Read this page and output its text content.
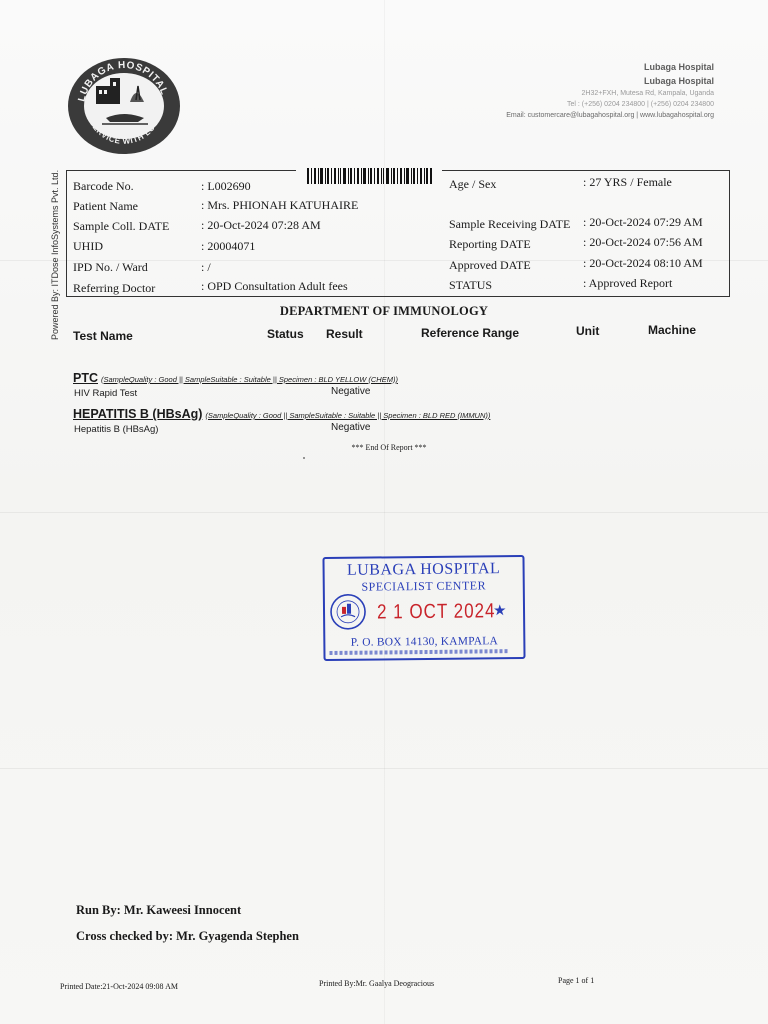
LUBAGA HOSPITAL
SERVICE WITH LOVE
Lubaga Hospital
Lubaga Hospital
2H32+FXH, Mutesa Rd, Kampala, Uganda
Tel : (+256) 0204 234800 | (+256) 0204 234800
Email: customercare@lubagahospital.org | www.lubagahospital.org
Powered By: ITDose InfoSystems Pvt. Ltd. Barcode No.	: L002690
Patient Name	: Mrs. PHIONAH KATUHAIRE
Sample Coll. DATE	: 20-Oct-2024 07:28 AM
UHID	: 20004071
IPD No. / Ward	: /
Referring Doctor	: OPD Consultation Adult fees
Age / Sex	: 27 YRS / Female
Sample Receiving DATE : 20-Oct-2024 07:29 AM
Reporting DATE	: 20-Oct-2024 07:56 AM
Approved DATE	: 20-Oct-2024 08:10 AM
STATUS	: Approved Report
DEPARTMENT OF IMMUNOLOGY
Test Name	Status Result	Reference Range	Unit	Machine
PTC (SampleQuality : Good || SampleSuitable : Suitable || Specimen : BLD YELLOW (CHEM))
HIV Rapid Test	Negative
HEPATITIS B (HBsAg) (SampleQuality : Good || SampleSuitable : Suitable || Specimen : BLD RED (IMMUN))
Hepatitis B (HBsAg)	Negative
*** End Of Report ***
LUBAGA HOSPITAL
SPECIALIST CENTER
2 1 OCT 2024
★
P. O. BOX 14130, KAMPALA
Run By: Mr. Kaweesi Innocent
Cross checked by: Mr. Gyagenda Stephen
Printed Date:21-Oct-2024 09:08 AM	Printed By:Mr. Gaalya Deogracious	Page 1 of 1
